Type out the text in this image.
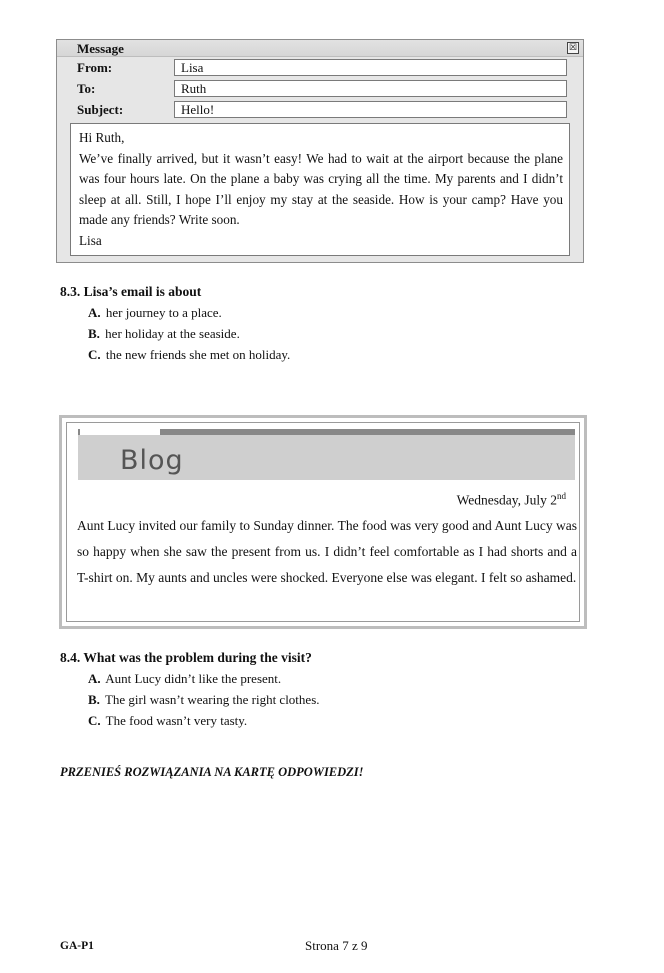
Message	☒
From:	Lisa
To:	Ruth
Subject:	Hello!

Hi Ruth,

We’ve finally arrived, but it wasn’t easy! We had to wait at the airport because the plane was four hours late. On the plane a baby was crying all the time. My parents and I didn’t sleep at all. Still, I hope I’ll enjoy my stay at the seaside. How is your camp? Have you made any friends? Write soon.

Lisa

8.3. Lisa’s email is about
A. her journey to a place.
B. her holiday at the seaside.
C. the new friends she met on holiday.
Blog
Wednesday, July 2nd

Aunt Lucy invited our family to Sunday dinner. The food was very good and Aunt Lucy was so happy when she saw the present from us. I didn’t feel comfortable as I had shorts and a T-shirt on. My aunts and uncles were shocked. Everyone else was elegant. I felt so ashamed.

8.4. What was the problem during the visit?
A. Aunt Lucy didn’t like the present.
B. The girl wasn’t wearing the right clothes.
C. The food wasn’t very tasty.
PRZENIEŚ ROZWIĄZANIA NA KARTĘ ODPOWIEDZI!
GA-P1	Strona 7 z 9
